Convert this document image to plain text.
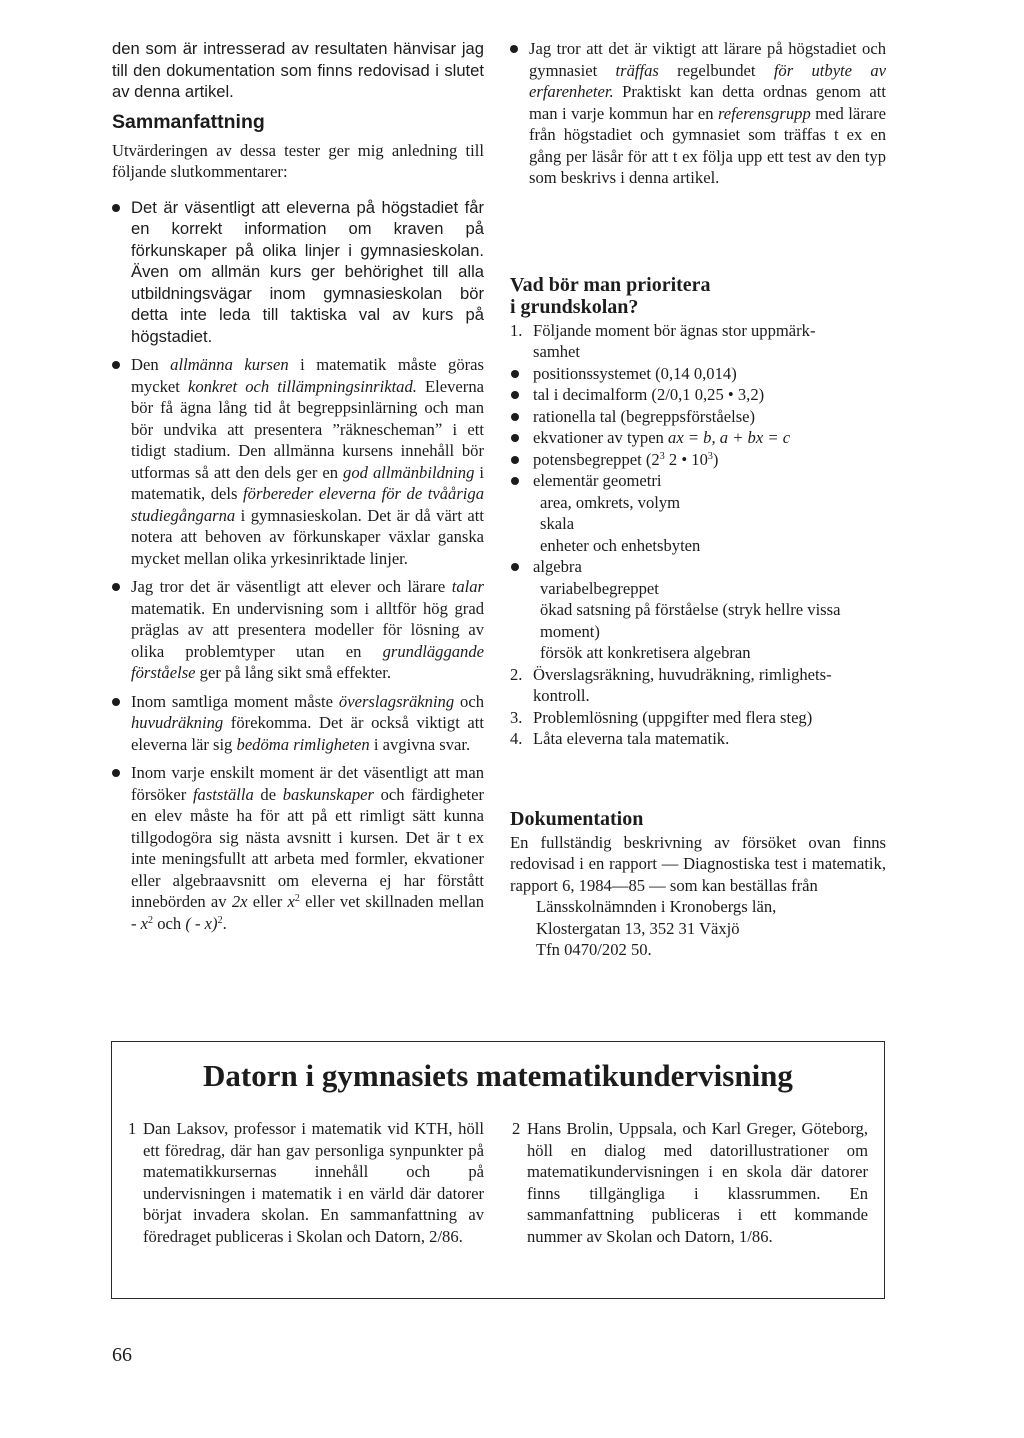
den som är intresserad av resultaten hänvisar jag till den dokumentation som finns redovisad i slutet av denna artikel.

Sammanfattning

Utvärderingen av dessa tester ger mig anledning till följande slutkommentarer:

Det är väsentligt att eleverna på högstadiet får en korrekt information om kraven på förkunskaper på olika linjer i gymnasieskolan. Även om allmän kurs ger behörighet till alla utbildningsvägar inom gymnasieskolan bör detta inte leda till taktiska val av kurs på högstadiet.

Den allmänna kursen i matematik måste göras mycket konkret och tillämpningsinriktad. Eleverna bör få ägna lång tid åt begreppsinlärning och man bör undvika att presentera ”räkneschemanˮ i ett tidigt stadium. Den allmänna kursens innehåll bör utformas så att den dels ger en god allmänbildning i matematik, dels förbereder eleverna för de tvååriga studiegångarna i gymnasieskolan. Det är då värt att notera att behoven av förkunskaper växlar ganska mycket mellan olika yrkesinriktade linjer.

Jag tror det är väsentligt att elever och lärare talar matematik. En undervisning som i alltför hög grad präglas av att presentera modeller för lösning av olika problemtyper utan en grundläggande förståelse ger på lång sikt små effekter.

Inom samtliga moment måste överslagsräkning och huvudräkning förekomma. Det är också viktigt att eleverna lär sig bedöma rimligheten i avgivna svar.

Inom varje enskilt moment är det väsentligt att man försöker fastställa de baskunskaper och färdigheter en elev måste ha för att på ett rimligt sätt kunna tillgodogöra sig nästa avsnitt i kursen. Det är t ex inte meningsfullt att arbeta med formler, ekvationer eller algebraavsnitt om eleverna ej har förstått innebörden av 2x eller $x^2$ eller vet skillnaden mellan - $x^2$ och ( - x)$^2$.

Jag tror att det är viktigt att lärare på högstadiet och gymnasiet träffas regelbundet för utbyte av erfarenheter. Praktiskt kan detta ordnas genom att man i varje kommun har en referensgrupp med lärare från högstadiet och gymnasiet som träffas t ex en gång per läsår för att t ex följa upp ett test av den typ som beskrivs i denna artikel.

Vad bör man prioritera
i grundskolan?
1. Följande moment bör ägnas stor uppmärk-
samhet
positionssystemet (0,14 0,014)
tal i decimalform (2/0,1 0,25 • 3,2)
rationella tal (begreppsförståelse)
ekvationer av typen ax = b, a + bx = c
potensbegreppet ($2^3$ 2 • $10^3$)
elementär geometri
area, omkrets, volym
skala
enheter och enhetsbyten
algebra
variabelbegreppet
ökad satsning på förståelse (stryk hellre vissa
moment)
försök att konkretisera algebran
2. Överslagsräkning, huvudräkning, rimlighets-
kontroll.
3. Problemlösning (uppgifter med flera steg)
4. Låta eleverna tala matematik.
Dokumentation

En fullständig beskrivning av försöket ovan finns redovisad i en rapport — Diagnostiska test i matematik, rapport 6, 1984—85 — som kan beställas från

Länsskolnämnden i Kronobergs län,
Klostergatan 13, 352 31 Växjö
Tfn 0470/202 50.
Datorn i gymnasiets matematikundervisning
1 Dan Laksov, professor i matematik vid KTH, höll ett föredrag, där han gav personliga synpunkter på matematikkursernas innehåll och på undervisningen i matematik i en värld där datorer börjat invadera skolan. En sammanfattning av föredraget publiceras i Skolan och Datorn, 2/86.

2 Hans Brolin, Uppsala, och Karl Greger, Göteborg, höll en dialog med datorillustrationer om matematikundervisningen i en skola där datorer finns tillgängliga i klassrummen. En sammanfattning publiceras i ett kommande nummer av Skolan och Datorn, 1/86.

66
